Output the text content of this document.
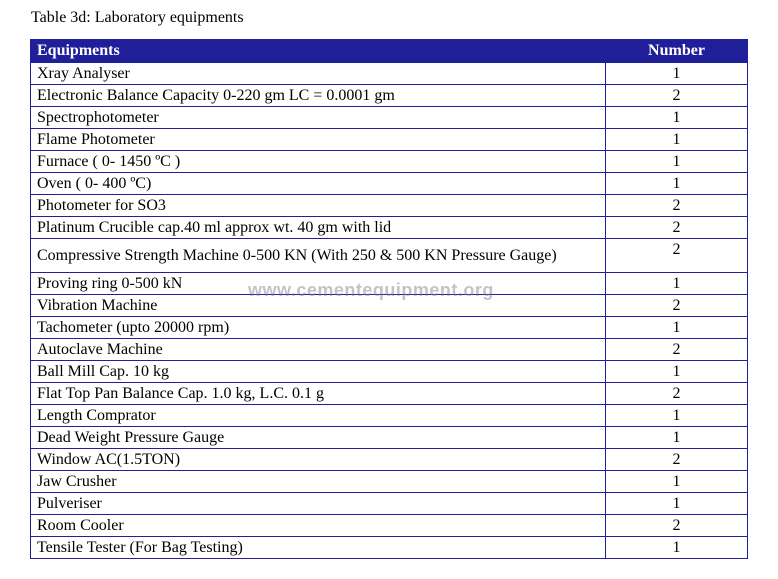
Table 3d: Laboratory equipments
Equipments	Number
Xray Analyser	1
Electronic Balance Capacity 0-220 gm LC = 0.0001 gm	2
Spectrophotometer	1
Flame Photometer	1
Furnace ( 0- 1450 ºC )	1
Oven ( 0- 400 ºC)	1
Photometer for SO3	2
Platinum Crucible cap.40 ml approx wt. 40 gm with lid	2
Compressive Strength Machine 0-500 KN (With 250 & 500 KN Pressure Gauge)	2
Proving ring 0-500 kN	1
Vibration Machine	2
Tachometer (upto 20000 rpm)	1
Autoclave Machine	2
Ball Mill Cap. 10 kg	1
Flat Top Pan Balance Cap. 1.0 kg, L.C. 0.1 g	2
Length Comprator	1
Dead Weight Pressure Gauge	1
Window AC(1.5TON)	2
Jaw Crusher	1
Pulveriser	1
Room Cooler	2
Tensile Tester (For Bag Testing)	1
www.cementequipment.org
